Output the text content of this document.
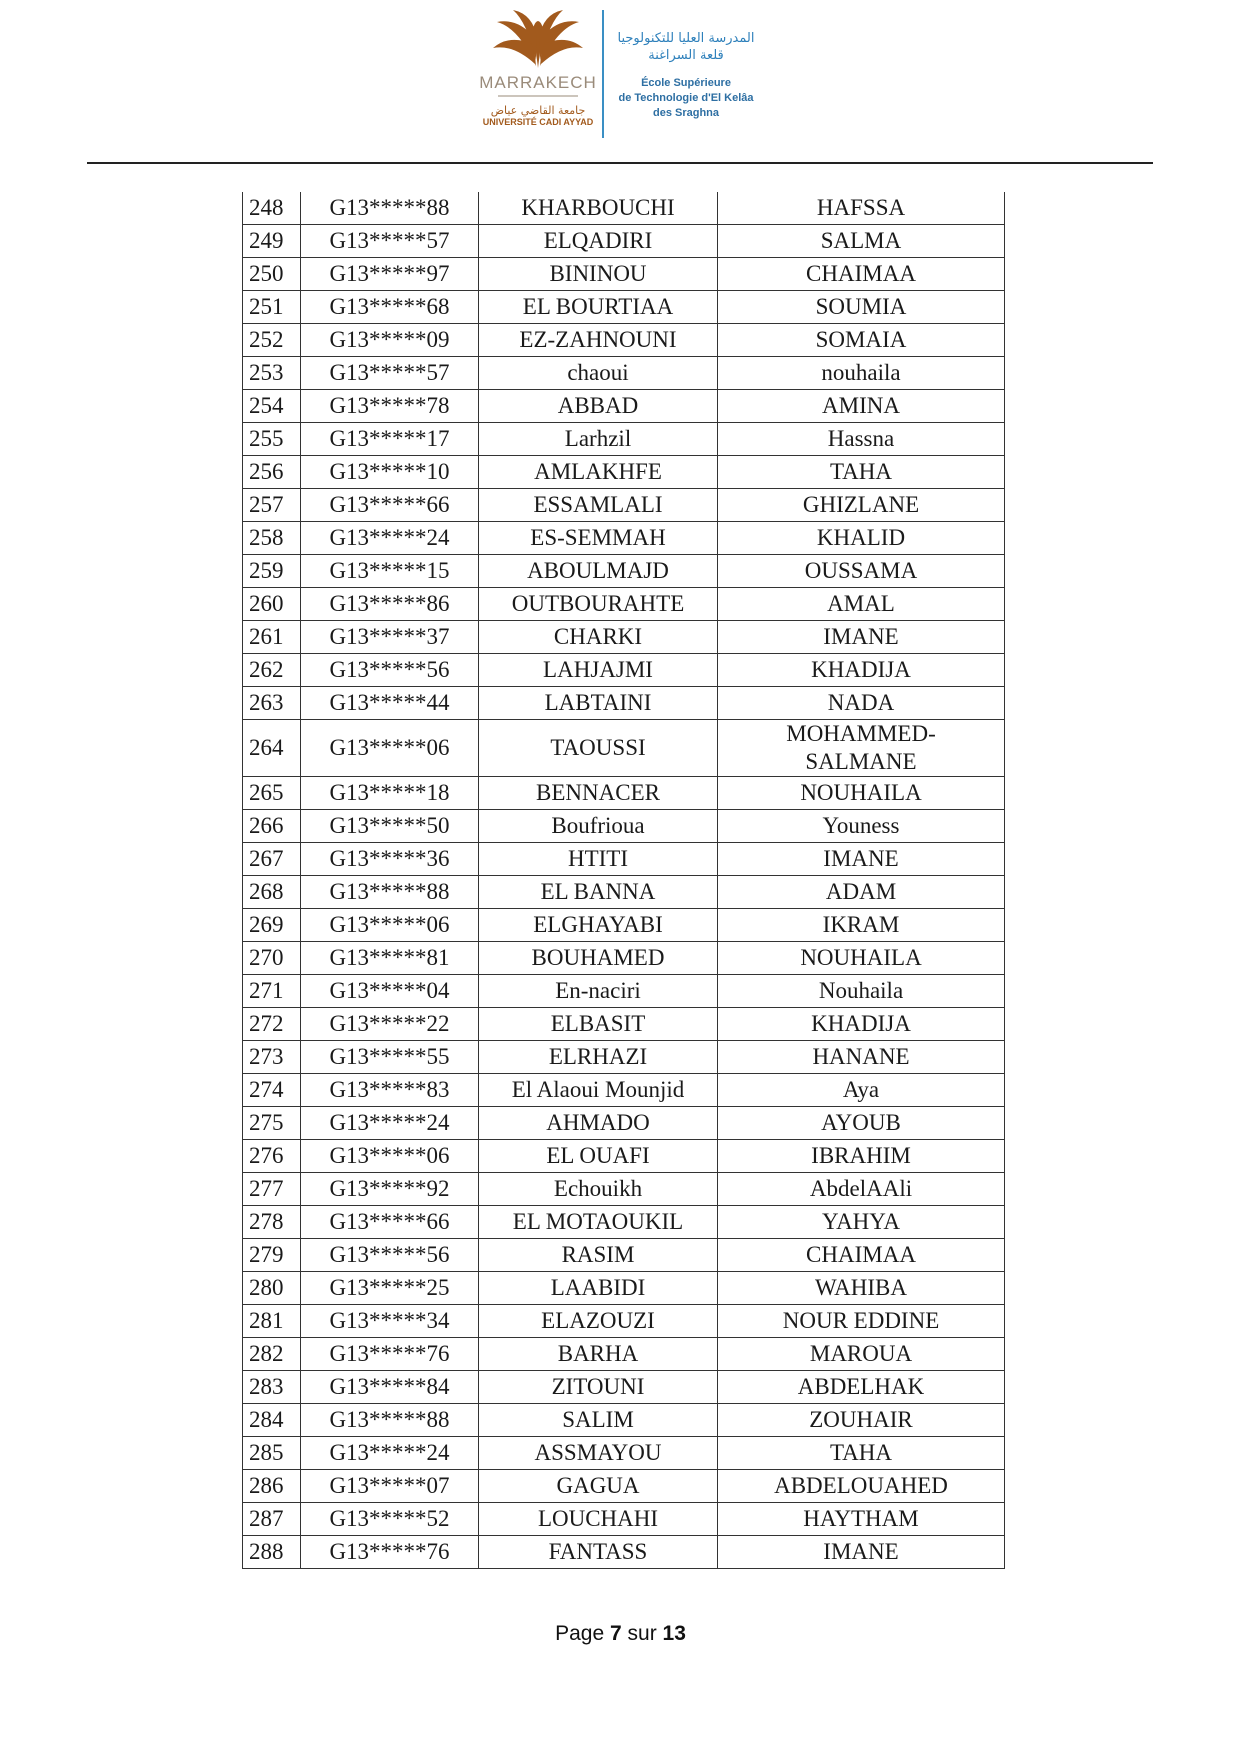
MARRAKECH
جامعة القاضي عياض
UNIVERSITÉ CADI AYYAD
المدرسة العليا للتكنولوجيا
قلعة السراغنة
École Supérieure
de Technologie d'El Kelâa
des Sraghna
248	G13*****88	KHARBOUCHI	HAFSSA
249	G13*****57	ELQADIRI	SALMA
250	G13*****97	BININOU	CHAIMAA
251	G13*****68	EL BOURTIAA	SOUMIA
252	G13*****09	EZ-ZAHNOUNI	SOMAIA
253	G13*****57	chaoui	nouhaila
254	G13*****78	ABBAD	AMINA
255	G13*****17	Larhzil	Hassna
256	G13*****10	AMLAKHFE	TAHA
257	G13*****66	ESSAMLALI	GHIZLANE
258	G13*****24	ES-SEMMAH	KHALID
259	G13*****15	ABOULMAJD	OUSSAMA
260	G13*****86	OUTBOURAHTE	AMAL
261	G13*****37	CHARKI	IMANE
262	G13*****56	LAHJAJMI	KHADIJA
263	G13*****44	LABTAINI	NADA
264	G13*****06	TAOUSSI	MOHAMMED-
SALMANE
265	G13*****18	BENNACER	NOUHAILA
266	G13*****50	Boufrioua	Youness
267	G13*****36	HTITI	IMANE
268	G13*****88	EL BANNA	ADAM
269	G13*****06	ELGHAYABI	IKRAM
270	G13*****81	BOUHAMED	NOUHAILA
271	G13*****04	En-naciri	Nouhaila
272	G13*****22	ELBASIT	KHADIJA
273	G13*****55	ELRHAZI	HANANE
274	G13*****83	El Alaoui Mounjid	Aya
275	G13*****24	AHMADO	AYOUB
276	G13*****06	EL OUAFI	IBRAHIM
277	G13*****92	Echouikh	AbdelAAli
278	G13*****66	EL MOTAOUKIL	YAHYA
279	G13*****56	RASIM	CHAIMAA
280	G13*****25	LAABIDI	WAHIBA
281	G13*****34	ELAZOUZI	NOUR EDDINE
282	G13*****76	BARHA	MAROUA
283	G13*****84	ZITOUNI	ABDELHAK
284	G13*****88	SALIM	ZOUHAIR
285	G13*****24	ASSMAYOU	TAHA
286	G13*****07	GAGUA	ABDELOUAHED
287	G13*****52	LOUCHAHI	HAYTHAM
288	G13*****76	FANTASS	IMANE
Page 7 sur 13
